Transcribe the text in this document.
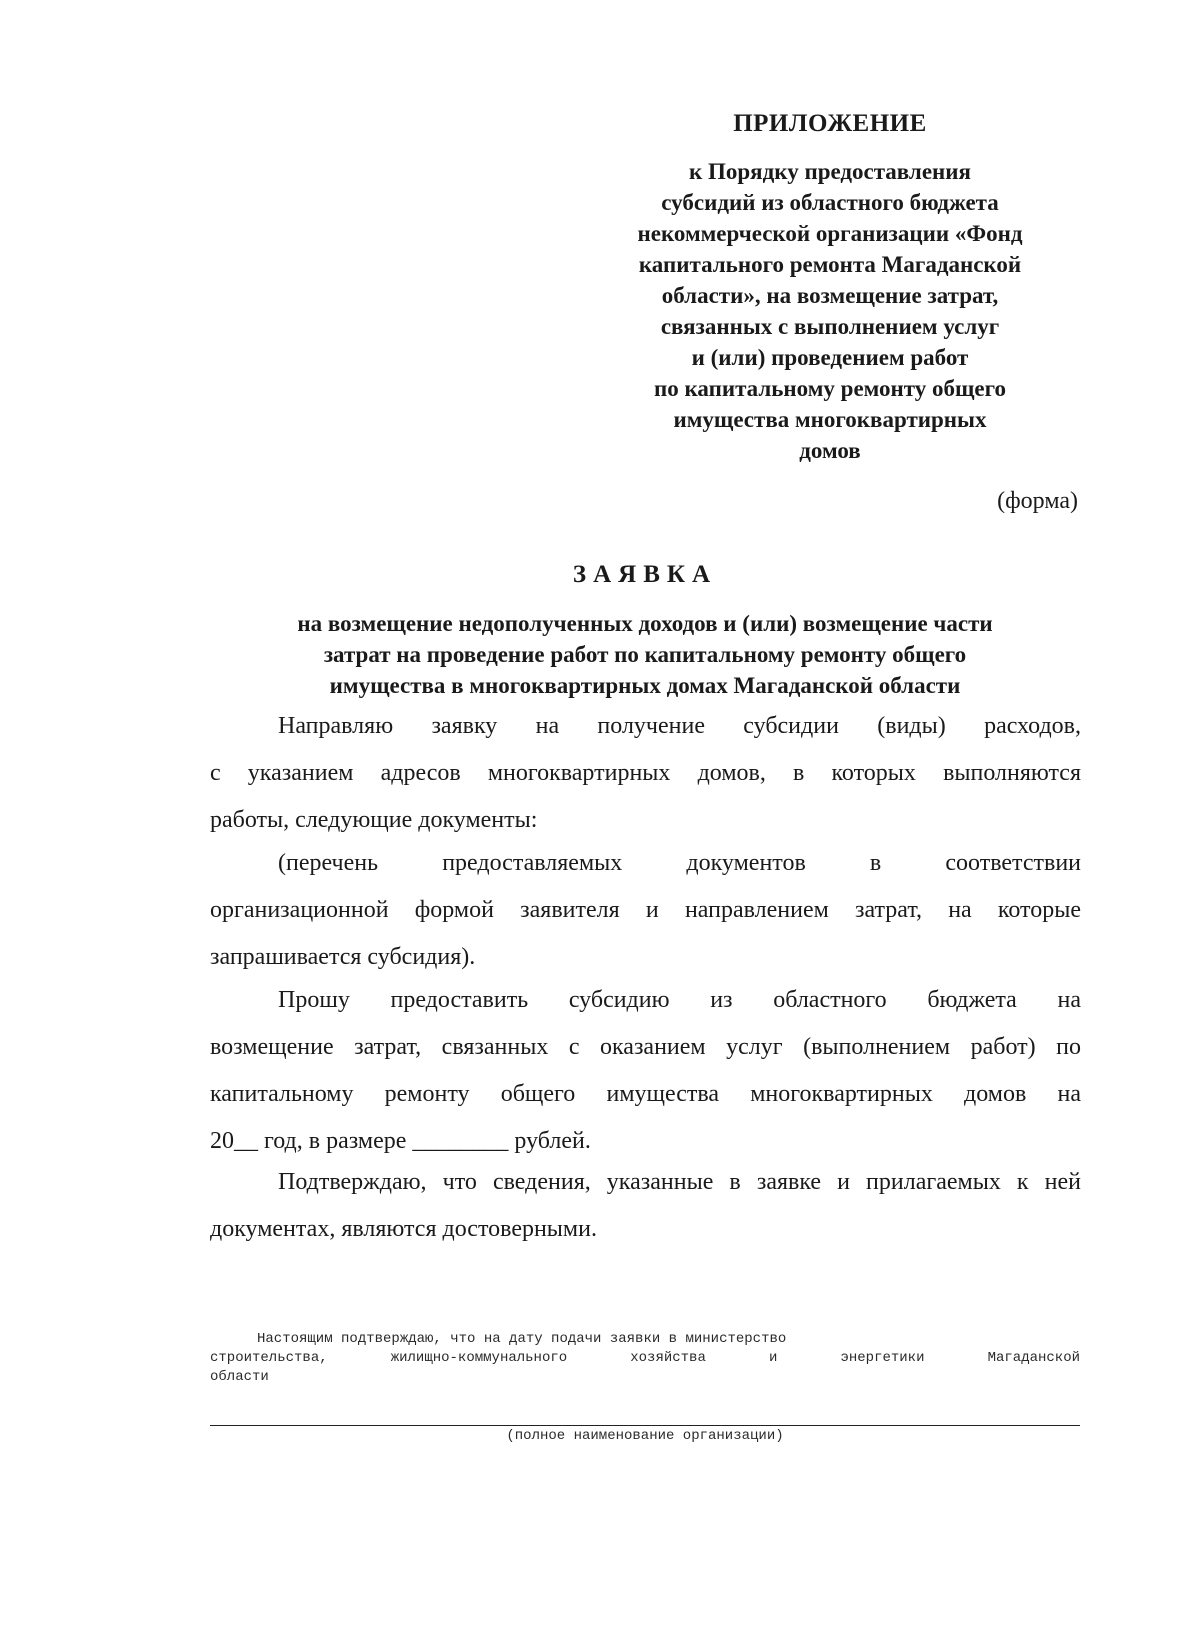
ПРИЛОЖЕНИЕ
к Порядку предоставления
субсидий из областного бюджета
некоммерческой организации «Фонд
капитального ремонта Магаданской
области», на возмещение затрат,
связанных с выполнением услуг
и (или) проведением работ
по капитальному ремонту общего
имущества многоквартирных
домов
(форма)
ЗАЯВКА
на возмещение недополученных доходов и (или) возмещение части
затрат на проведение работ по капитальному ремонту общего
имущества в многоквартирных домах Магаданской области
Направляю заявку на получение субсидии (виды) расходов,
с указанием адресов многоквартирных домов, в которых выполняются
работы, следующие документы:
(перечень предоставляемых документов в соответствии
организационной формой заявителя и направлением затрат, на которые
запрашивается субсидия).
Прошу предоставить субсидию из областного бюджета на
возмещение затрат, связанных с оказанием услуг (выполнением работ) по
капитальному ремонту общего имущества многоквартирных домов на
20__ год, в размере ________ рублей.
Подтверждаю, что сведения, указанные в заявке и прилагаемых к ней
документах, являются достоверными.
Настоящим подтверждаю, что на дату подачи заявки в министерство
строительства, жилищно-коммунального хозяйства и энергетики Магаданской
области
(полное наименование организации)
